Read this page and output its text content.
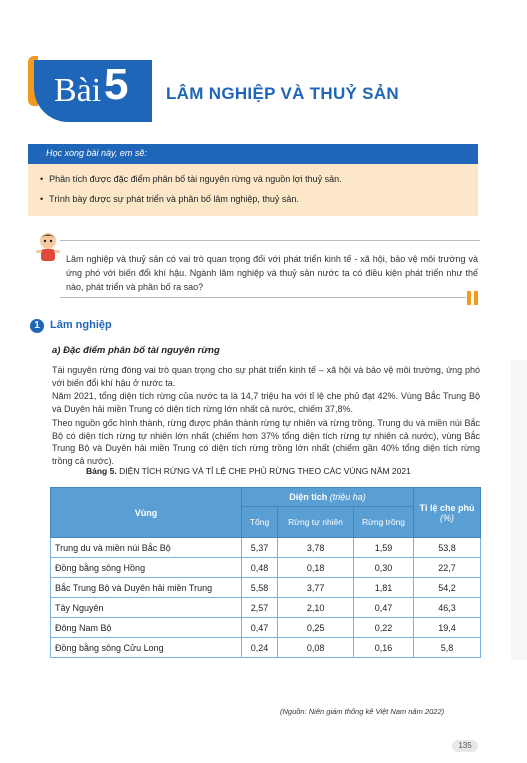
Bài 5 LÂM NGHIỆP VÀ THUỶ SẢN
Học xong bài này, em sẽ:
• Phân tích được đặc điểm phân bố tài nguyên rừng và nguồn lợi thuỷ sản.
• Trình bày được sự phát triển và phân bố lâm nghiệp, thuỷ sản.
Lâm nghiệp và thuỷ sản có vai trò quan trọng đối với phát triển kinh tế - xã hội, bảo vệ môi trường và ứng phó với biến đổi khí hậu. Ngành lâm nghiệp và thuỷ sản nước ta có điều kiện phát triển như thế nào, phát triển và phân bố ra sao?
1 Lâm nghiệp
a) Đặc điểm phân bố tài nguyên rừng
Tài nguyên rừng đóng vai trò quan trọng cho sự phát triển kinh tế – xã hội và bảo vệ môi trường, ứng phó với biến đổi khí hậu ở nước ta.
Năm 2021, tổng diện tích rừng của nước ta là 14,7 triệu ha với tỉ lệ che phủ đạt 42%. Vùng Bắc Trung Bộ và Duyên hải miền Trung có diện tích rừng lớn nhất cả nước, chiếm 37,8%.
Theo nguồn gốc hình thành, rừng được phân thành rừng tự nhiên và rừng trồng. Trung du và miền núi Bắc Bộ có diện tích rừng tự nhiên lớn nhất (chiếm hơn 37% tổng diện tích rừng tự nhiên cả nước), vùng Bắc Trung Bộ và Duyên hải miền Trung có diện tích rừng trồng lớn nhất (chiếm gần 40% tổng diện tích rừng trồng cả nước).
Bảng 5. DIỆN TÍCH RỪNG VÀ TỈ LỆ CHE PHỦ RỪNG THEO CÁC VÙNG NĂM 2021
Vùng	Diện tích (triệu ha)			Tỉ lệ che phủ (%)
	Tổng	Rừng tự nhiên	Rừng trồng	
Trung du và miền núi Bắc Bộ	5,37	3,78	1,59	53,8
Đồng bằng sông Hồng	0,48	0,18	0,30	22,7
Bắc Trung Bộ và Duyên hải miền Trung	5,58	3,77	1,81	54,2
Tây Nguyên	2,57	2,10	0,47	46,3
Đông Nam Bộ	0,47	0,25	0,22	19,4
Đồng bằng sông Cửu Long	0,24	0,08	0,16	5,8
(Nguồn: Niên giám thống kê Việt Nam năm 2022)
135
